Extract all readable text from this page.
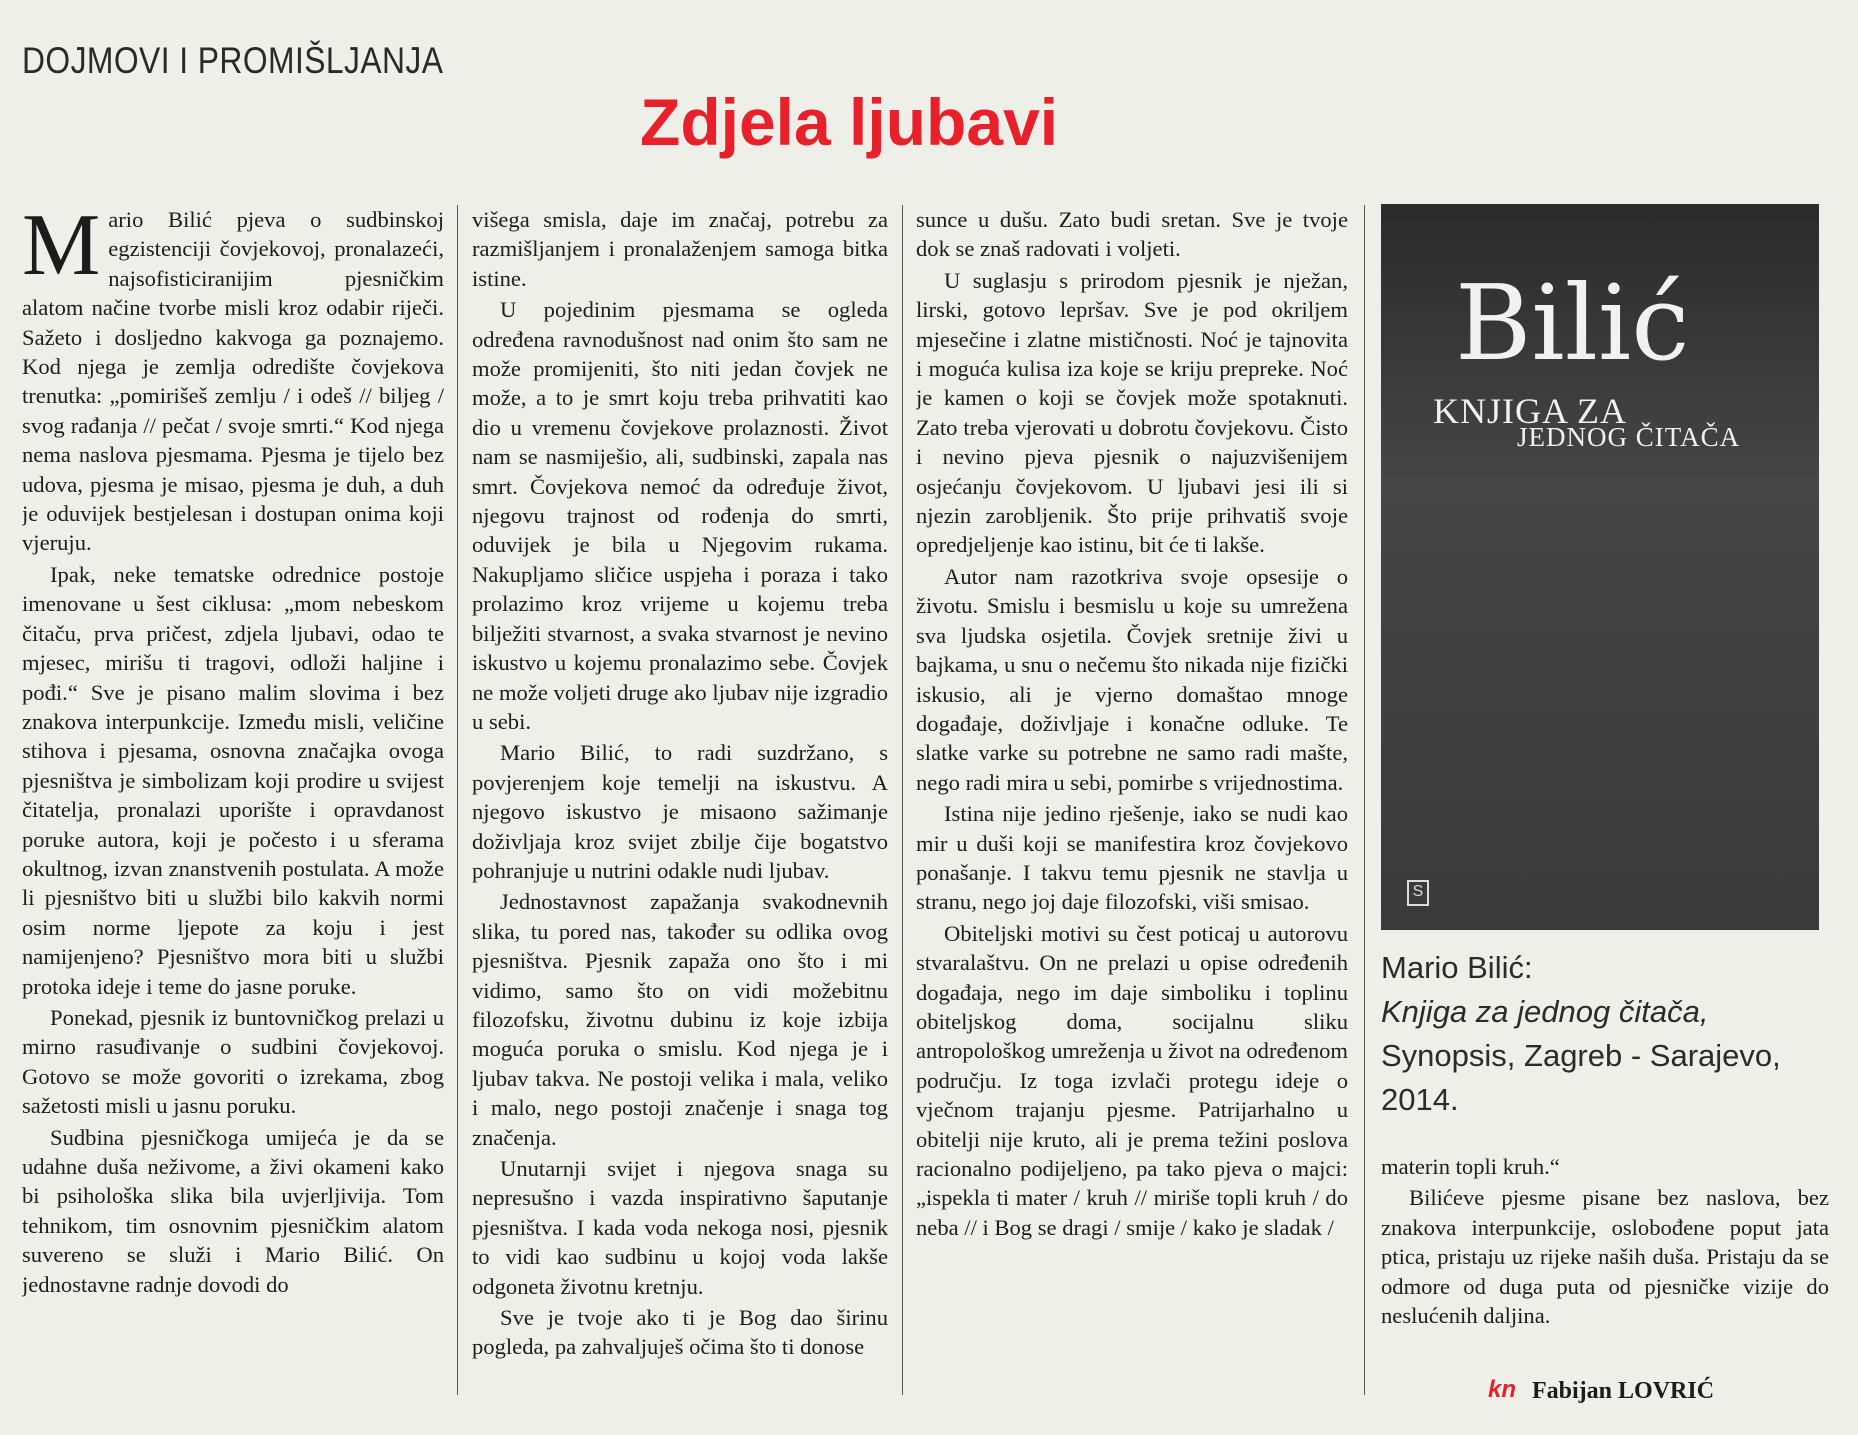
DOJMOVI I PROMIŠLJANJA
Zdjela ljubavi

Mario Bilić pjeva o sudbinskoj egzistenciji čovjekovoj, pronalazeći, najsofisticiranijim pjesničkim alatom načine tvorbe misli kroz odabir riječi. Sažeto i dosljedno kakvoga ga poznajemo. Kod njega je zemlja odredište čovjekova trenutka: „pomirišeš zemlju / i odeš // biljeg / svog rađanja // pečat / svoje smrti.“ Kod njega nema naslova pjesmama. Pjesma je tijelo bez udova, pjesma je misao, pjesma je duh, a duh je oduvijek bestjelesan i dostupan onima koji vjeruju.

Ipak, neke tematske odrednice postoje imenovane u šest ciklusa: „mom nebeskom čitaču, prva pričest, zdjela ljubavi, odao te mjesec, mirišu ti tragovi, odloži haljine i pođi.“ Sve je pisano malim slovima i bez znakova interpunkcije. Između misli, veličine stihova i pjesama, osnovna značajka ovoga pjesništva je simbolizam koji prodire u svijest čitatelja, pronalazi uporište i opravdanost poruke autora, koji je počesto i u sferama okultnog, izvan znanstvenih postulata. A može li pjesništvo biti u službi bilo kakvih normi osim norme ljepote za koju i jest namijenjeno? Pjesništvo mora biti u službi protoka ideje i teme do jasne poruke.

Ponekad, pjesnik iz buntovničkog prelazi u mirno rasuđivanje o sudbini čovjekovoj. Gotovo se može govoriti o izrekama, zbog sažetosti misli u jasnu poruku.

Sudbina pjesničkoga umijeća je da se udahne duša neživome, a živi okameni kako bi psihološka slika bila uvjerljivija. Tom tehnikom, tim osnovnim pjesničkim alatom suvereno se služi i Mario Bilić. On jednostavne radnje dovodi do

višega smisla, daje im značaj, potrebu za razmišljanjem i pronalaženjem samoga bitka istine.

U pojedinim pjesmama se ogleda određena ravnodušnost nad onim što sam ne može promijeniti, što niti jedan čovjek ne može, a to je smrt koju treba prihvatiti kao dio u vremenu čovjekove prolaznosti. Život nam se nasmiješio, ali, sudbinski, zapala nas smrt. Čovjekova nemoć da određuje život, njegovu trajnost od rođenja do smrti, oduvijek je bila u Njegovim rukama. Nakupljamo sličice uspjeha i poraza i tako prolazimo kroz vrijeme u kojemu treba bilježiti stvarnost, a svaka stvarnost je nevino iskustvo u kojemu pronalazimo sebe. Čovjek ne može voljeti druge ako ljubav nije izgradio u sebi.

Mario Bilić, to radi suzdržano, s povjerenjem koje temelji na iskustvu. A njegovo iskustvo je misaono sažimanje doživljaja kroz svijet zbilje čije bogatstvo pohranjuje u nutrini odakle nudi ljubav.

Jednostavnost zapažanja svakodnevnih slika, tu pored nas, također su odlika ovog pjesništva. Pjesnik zapaža ono što i mi vidimo, samo što on vidi možebitnu filozofsku, životnu dubinu iz koje izbija moguća poruka o smislu. Kod njega je i ljubav takva. Ne postoji velika i mala, veliko i malo, nego postoji značenje i snaga tog značenja.

Unutarnji svijet i njegova snaga su nepresušno i vazda inspirativno šaputanje pjesništva. I kada voda nekoga nosi, pjesnik to vidi kao sudbinu u kojoj voda lakše odgoneta životnu kretnju.

Sve je tvoje ako ti je Bog dao širinu pogleda, pa zahvaljuješ očima što ti donose

sunce u dušu. Zato budi sretan. Sve je tvoje dok se znaš radovati i voljeti.

U suglasju s prirodom pjesnik je nježan, lirski, gotovo lepršav. Sve je pod okriljem mjesečine i zlatne mističnosti. Noć je tajnovita i moguća kulisa iza koje se kriju prepreke. Noć je kamen o koji se čovjek može spotaknuti. Zato treba vjerovati u dobrotu čovjekovu. Čisto i nevino pjeva pjesnik o najuzvišenijem osjećanju čovjekovom. U ljubavi jesi ili si njezin zarobljenik. Što prije prihvatiš svoje opredjeljenje kao istinu, bit će ti lakše.

Autor nam razotkriva svoje opsesije o životu. Smislu i besmislu u koje su umrežena sva ljudska osjetila. Čovjek sretnije živi u bajkama, u snu o nečemu što nikada nije fizički iskusio, ali je vjerno domaštao mnoge događaje, doživljaje i konačne odluke. Te slatke varke su potrebne ne samo radi mašte, nego radi mira u sebi, pomirbe s vrijednostima.

Istina nije jedino rješenje, iako se nudi kao mir u duši koji se manifestira kroz čovjekovo ponašanje. I takvu temu pjesnik ne stavlja u stranu, nego joj daje filozofski, viši smisao.

Obiteljski motivi su čest poticaj u autorovu stvaralaštvu. On ne prelazi u opise određenih događaja, nego im daje simboliku i toplinu obiteljskog doma, socijalnu sliku antropološkog umreženja u život na određenom području. Iz toga izvlači protegu ideje o vječnom trajanju pjesme. Patrijarhalno u obitelji nije kruto, ali je prema težini poslova racionalno podijeljeno, pa tako pjeva o majci: „ispekla ti mater / kruh // miriše topli kruh / do neba // i Bog se dragi / smije / kako je sladak /

Bilić
KNJIGA ZA
JEDNOG ČITAČA
S
Mario Bilić:
Knjiga za jednog čitača,
Synopsis, Zagreb - Sarajevo,
2014.

materin topli kruh.“

Bilićeve pjesme pisane bez naslova, bez znakova interpunkcije, oslobođene poput jata ptica, pristaju uz rijeke naših duša. Pristaju da se odmore od duga puta od pjesničke vizije do neslućenih daljina.

kn Fabijan LOVRIĆ
